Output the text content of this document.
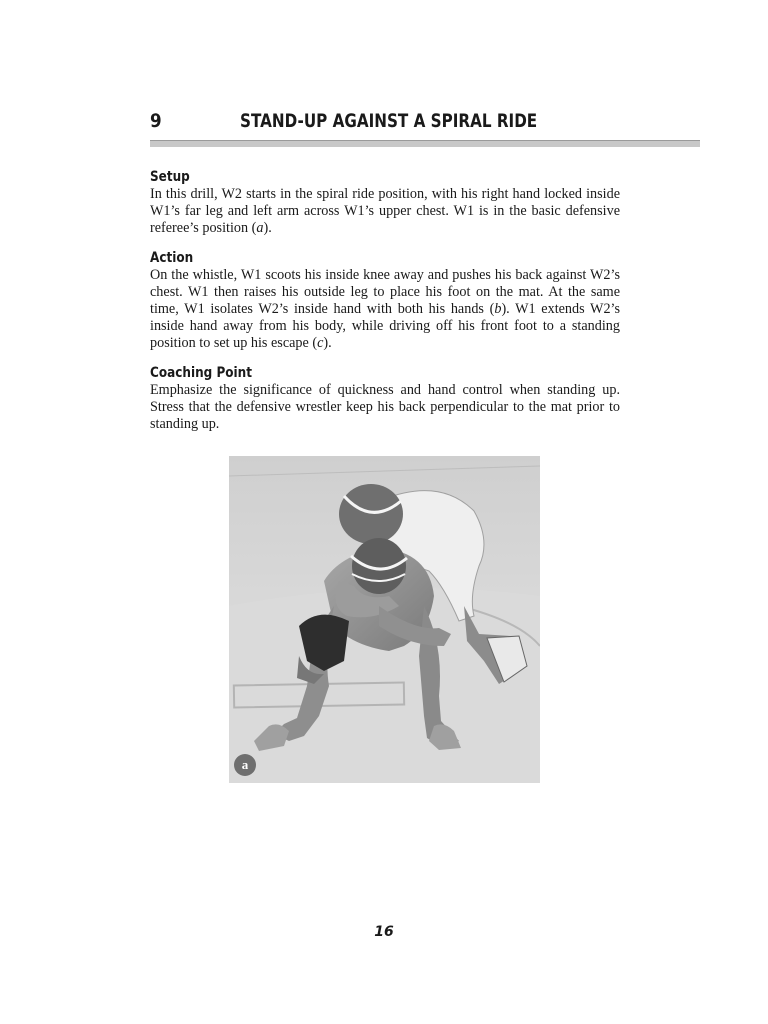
9	STAND-UP AGAINST A SPIRAL RIDE
Setup

In this drill, W2 starts in the spiral ride position, with his right hand locked inside W1’s far leg and left arm across W1’s upper chest. W1 is in the basic defensive referee’s position (a).

Action

On the whistle, W1 scoots his inside knee away and pushes his back against W2’s chest. W1 then raises his outside leg to place his foot on the mat. At the same time, W1 isolates W2’s inside hand with both his hands (b). W1 extends W2’s inside hand away from his body, while driving off his front foot to a standing position to set up his escape (c).

Coaching Point

Emphasize the significance of quickness and hand control when standing up. Stress that the defensive wrestler keep his back perpendicular to the mat prior to standing up.

a
16
